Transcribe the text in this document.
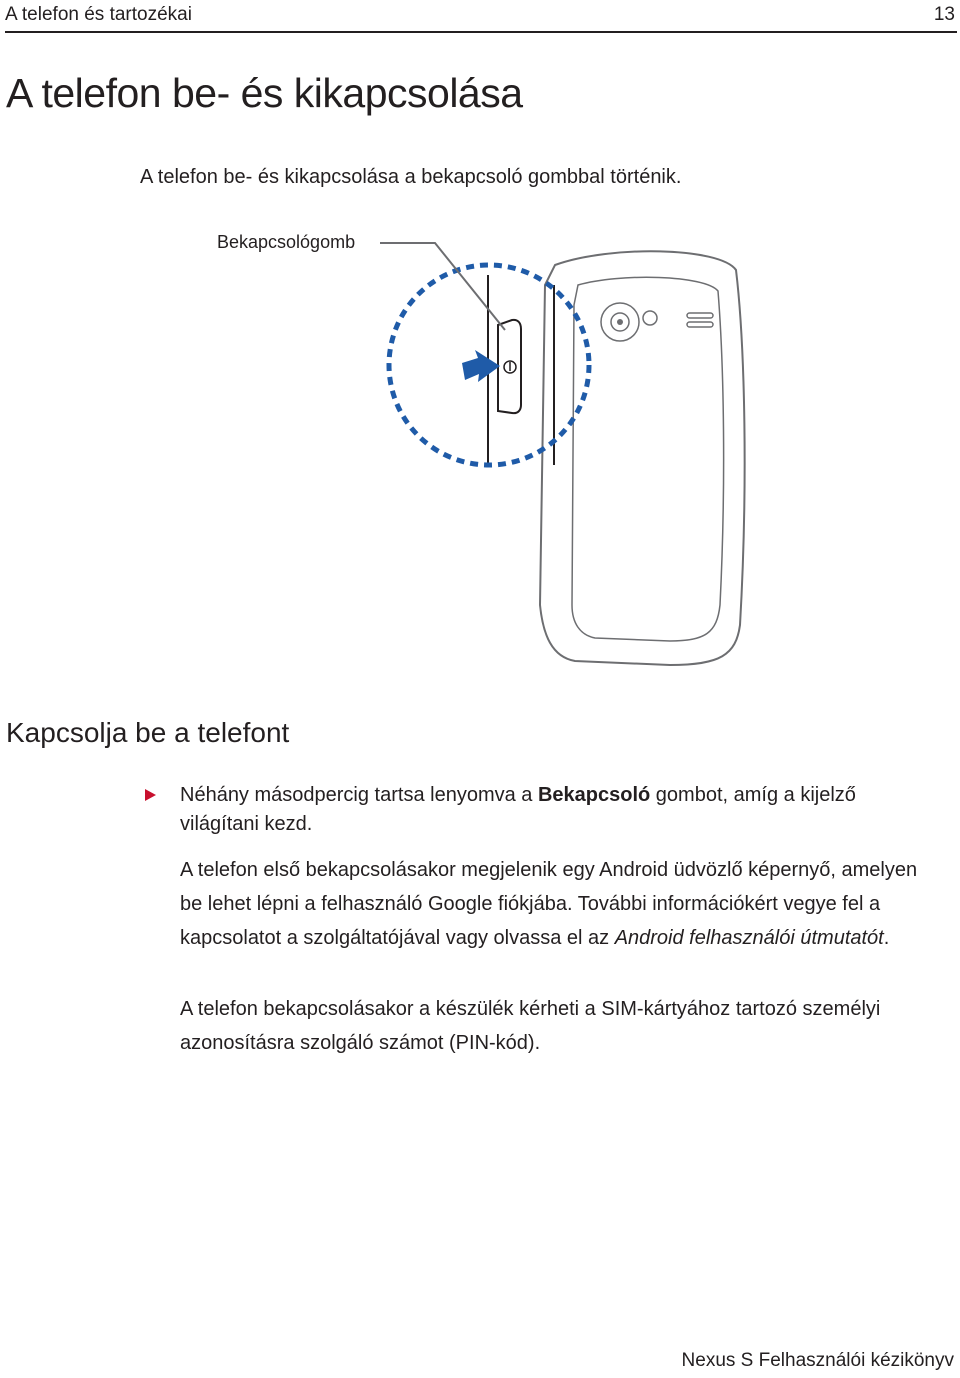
A telefon és tartozékai	13
A telefon be- és kikapcsolása
A telefon be- és kikapcsolása a bekapcsoló gombbal történik.
Bekapcsológomb
Kapcsolja be a telefont

Néhány másodpercig tartsa lenyomva a Bekapcsoló gombot, amíg a kijelző világítani kezd.

A telefon első bekapcsolásakor megjelenik egy Android üdvözlő képernyő, amelyen be lehet lépni a felhasználó Google fiókjába. További információkért vegye fel a kapcsolatot a szolgáltatójával vagy olvassa el az Android felhasználói útmutatót.

A telefon bekapcsolásakor a készülék kérheti a SIM-kártyához tartozó személyi azonosításra szolgáló számot (PIN-kód).

Nexus S Felhasználói kézikönyv
